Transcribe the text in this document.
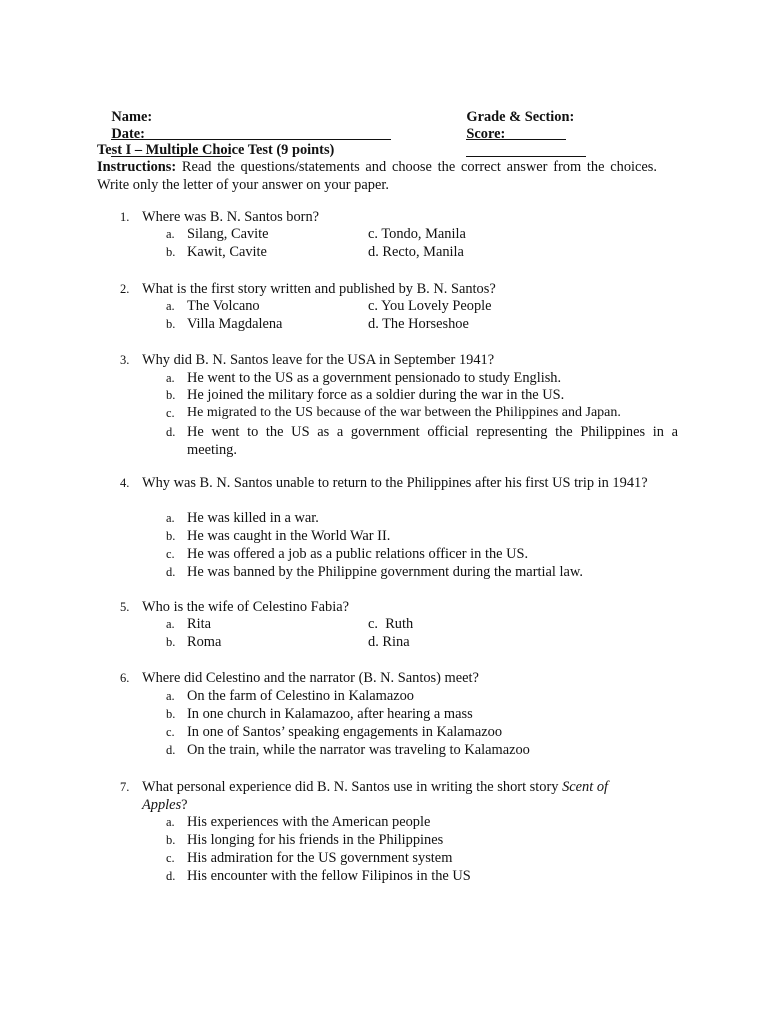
Name:

	Grade & Section:

Date:

	Score:

Test I – Multiple Choice Test (9 points)
Instructions: Read the questions/statements and choose the correct answer from the choices. Write only the letter of your answer on your paper.
1. Where was B. N. Santos born?
a. Silang, Cavite
b. Kawit, Cavite
c. Tondo, Manila
d. Recto, Manila
2. What is the first story written and published by B. N. Santos?
a. The Volcano
b. Villa Magdalena
c. You Lovely People
d. The Horseshoe
3. Why did B. N. Santos leave for the USA in September 1941?
a. He went to the US as a government pensionado to study English.
b. He joined the military force as a soldier during the war in the US.
c. He migrated to the US because of the war between the Philippines and Japan.
d. He went to the US as a government official representing the Philippines in a meeting.
4. Why was B. N. Santos unable to return to the Philippines after his first US trip in 1941?
a. He was killed in a war.
b. He was caught in the World War II.
c. He was offered a job as a public relations officer in the US.
d. He was banned by the Philippine government during the martial law.
5. Who is the wife of Celestino Fabia?
a. Rita
b. Roma
c. Ruth
d. Rina
6. Where did Celestino and the narrator (B. N. Santos) meet?
a. On the farm of Celestino in Kalamazoo
b. In one church in Kalamazoo, after hearing a mass
c. In one of Santos’ speaking engagements in Kalamazoo
d. On the train, while the narrator was traveling to Kalamazoo
7. What personal experience did B. N. Santos use in writing the short story Scent of Apples?
a. His experiences with the American people
b. His longing for his friends in the Philippines
c. His admiration for the US government system
d. His encounter with the fellow Filipinos in the US
